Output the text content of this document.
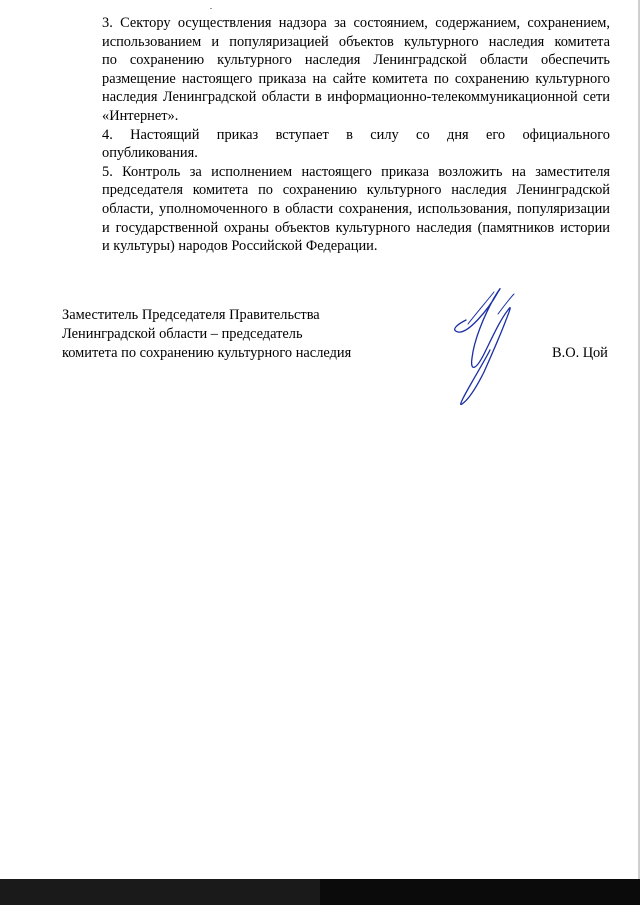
3. Сектору осуществления надзора за состоянием, содержанием, сохранением,
использованием и популяризацией объектов культурного наследия комитета
по сохранению культурного наследия Ленинградской области обеспечить
размещение настоящего приказа на сайте комитета по сохранению культурного
наследия Ленинградской области в информационно-телекоммуникационной сети
«Интернет».

4. Настоящий приказ вступает в силу со дня его официального
опубликования.

5. Контроль за исполнением настоящего приказа возложить на заместителя
председателя комитета по сохранению культурного наследия Ленинградской
области, уполномоченного в области сохранения, использования, популяризации
и государственной охраны объектов культурного наследия (памятников истории
и культуры) народов Российской Федерации.

Заместитель Председателя Правительства
Ленинградской области – председатель
комитета по сохранению культурного наследия	В.О. Цой
